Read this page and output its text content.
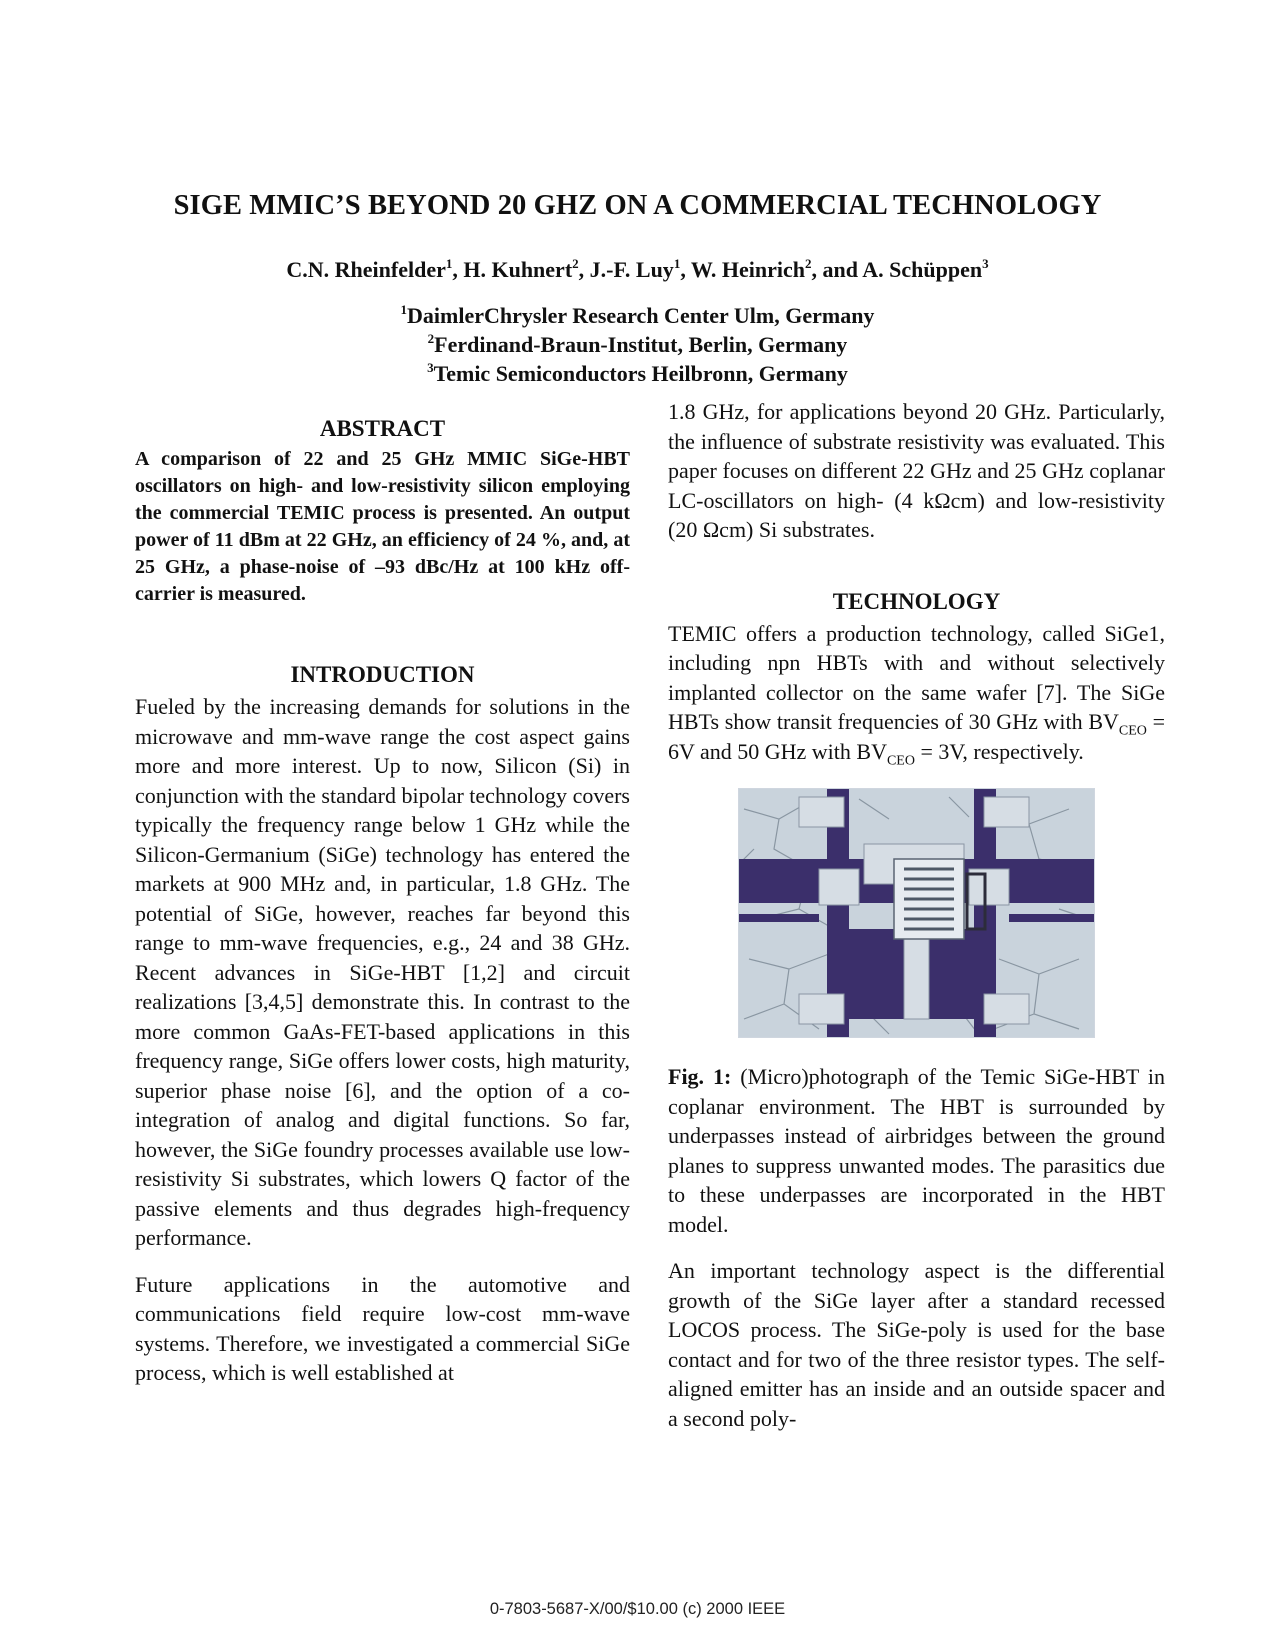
SIGE MMIC’S BEYOND 20 GHZ ON A COMMERCIAL TECHNOLOGY
C.N. Rheinfelder$^1$, H. Kuhnert$^2$, J.-F. Luy$^1$, W. Heinrich$^2$, and A. Schüppen$^3$
$^1$DaimlerChrysler Research Center Ulm, Germany
$^2$Ferdinand-Braun-Institut, Berlin, Germany
$^3$Temic Semiconductors Heilbronn, Germany
ABSTRACT

A comparison of 22 and 25 GHz MMIC SiGe-HBT oscillators on high- and low-resistivity silicon employing the commercial TEMIC process is presented. An output power of 11 dBm at 22 GHz, an efficiency of 24 %, and, at 25 GHz, a phase-noise of –93 dBc/Hz at 100 kHz off-carrier is measured.

INTRODUCTION

Fueled by the increasing demands for solutions in the microwave and mm-wave range the cost aspect gains more and more interest. Up to now, Silicon (Si) in conjunction with the standard bipolar technology covers typically the frequency range below 1 GHz while the Silicon-Germanium (SiGe) technology has entered the markets at 900 MHz and, in particular, 1.8 GHz. The potential of SiGe, however, reaches far beyond this range to mm-wave frequencies, e.g., 24 and 38 GHz. Recent advances in SiGe-HBT [1,2] and circuit realizations [3,4,5] demonstrate this. In contrast to the more common GaAs-FET-based applications in this frequency range, SiGe offers lower costs, high maturity, superior phase noise [6], and the option of a co-integration of analog and digital functions. So far, however, the SiGe foundry processes available use low-resistivity Si substrates, which lowers Q factor of the passive elements and thus degrades high-frequency performance.

Future applications in the automotive and communications field require low-cost mm-wave systems. Therefore, we investigated a commercial SiGe process, which is well established at

1.8 GHz, for applications beyond 20 GHz. Particularly, the influence of substrate resistivity was evaluated. This paper focuses on different 22 GHz and 25 GHz coplanar LC-oscillators on high- (4 kΩcm) and low-resistivity (20 Ωcm) Si substrates.

TECHNOLOGY

TEMIC offers a production technology, called SiGe1, including npn HBTs with and without selectively implanted collector on the same wafer [7]. The SiGe HBTs show transit frequencies of 30 GHz with $BV_{CEO} = 6V$ and 50 GHz with $BV_{CEO} = 3V$, respectively.

Fig. 1: (Micro)photograph of the Temic SiGe-HBT in coplanar environment. The HBT is surrounded by underpasses instead of airbridges between the ground planes to suppress unwanted modes. The parasitics due to these underpasses are incorporated in the HBT model.

An important technology aspect is the differential growth of the SiGe layer after a standard recessed LOCOS process. The SiGe-poly is used for the base contact and for two of the three resistor types. The self-aligned emitter has an inside and an outside spacer and a second poly-

0-7803-5687-X/00/$10.00 (c) 2000 IEEE
